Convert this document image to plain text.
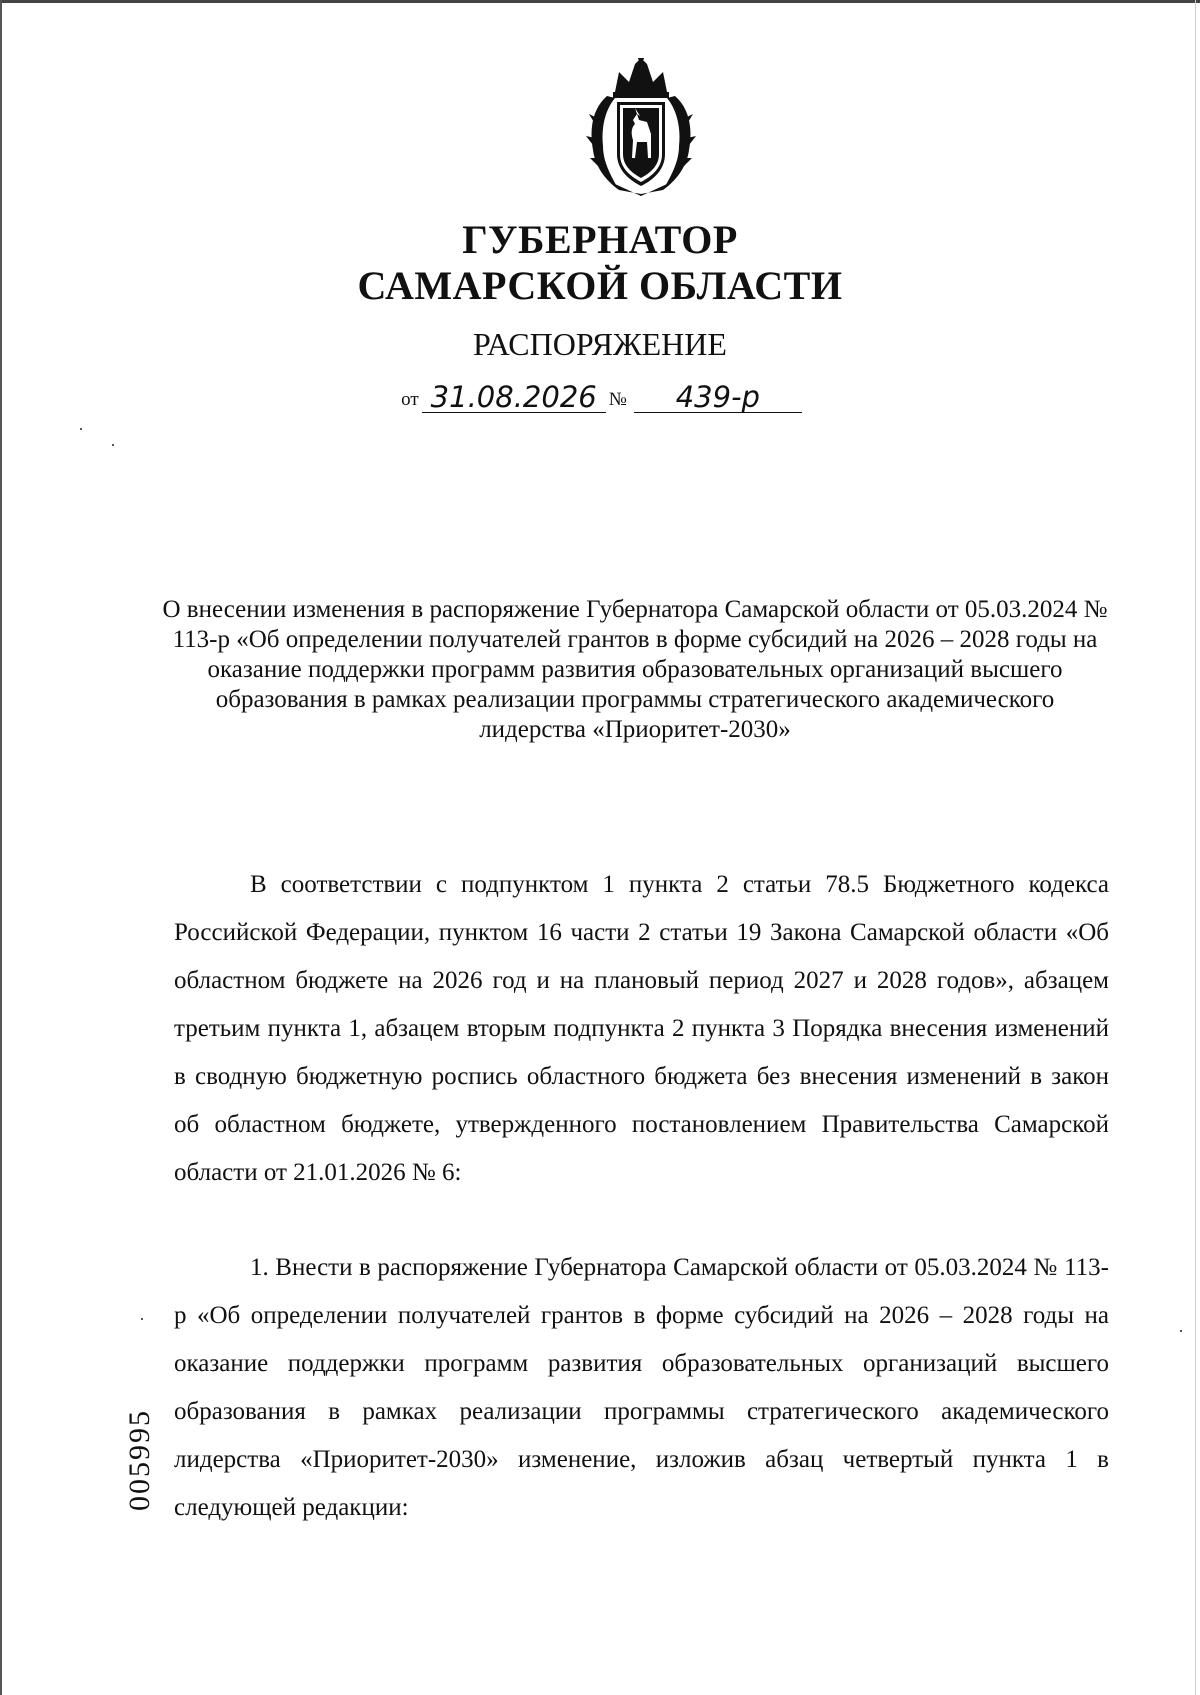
ГУБЕРНАТОР
САМАРСКОЙ ОБЛАСТИ
РАСПОРЯЖЕНИЕ
от 31.08.2026 № 439-р
О внесении изменения в распоряжение Губернатора Самарской области от 05.03.2024 № 113-р «Об определении получателей грантов в форме субсидий на 2026 – 2028 годы на оказание поддержки программ развития образовательных организаций высшего образования в рамках реализации программы стратегического академического лидерства «Приоритет-2030»
В соответствии с подпунктом 1 пункта 2 статьи 78.5 Бюджетного кодекса Российской Федерации, пунктом 16 части 2 статьи 19 Закона Самарской области «Об областном бюджете на 2026 год и на плановый период 2027 и 2028 годов», абзацем третьим пункта 1, абзацем вторым подпункта 2 пункта 3 Порядка внесения изменений в сводную бюджетную роспись областного бюджета без внесения изменений в закон об областном бюджете, утвержденного постановлением Правительства Самарской области от 21.01.2026 № 6:
1. Внести в распоряжение Губернатора Самарской области от 05.03.2024 № 113-р «Об определении получателей грантов в форме субсидий на 2026 – 2028 годы на оказание поддержки программ развития образовательных организаций высшего образования в рамках реализации программы стратегического академического лидерства «Приоритет-2030» изменение, изложив абзац четвертый пункта 1 в следующей редакции:
005995
